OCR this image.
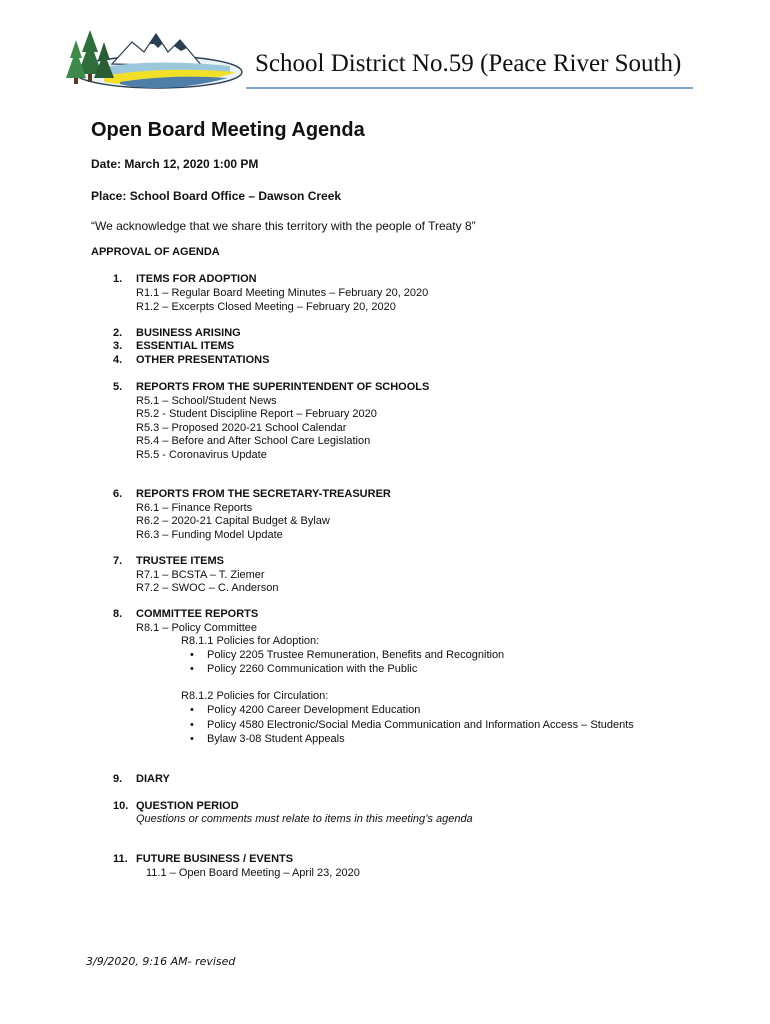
School District No.59 (Peace River South)
Open Board Meeting Agenda
Date: March 12, 2020 1:00 PM
Place: School Board Office – Dawson Creek
“We acknowledge that we share this territory with the people of Treaty 8”
APPROVAL OF AGENDA
1.	ITEMS FOR ADOPTION
R1.1 – Regular Board Meeting Minutes – February 20, 2020
R1.2 – Excerpts Closed Meeting – February 20, 2020
2.	BUSINESS ARISING
3.	ESSENTIAL ITEMS
4.	OTHER PRESENTATIONS
5.	REPORTS FROM THE SUPERINTENDENT OF SCHOOLS
R5.1 – School/Student News
R5.2 - Student Discipline Report – February 2020
R5.3 – Proposed 2020-21 School Calendar
R5.4 – Before and After School Care Legislation
R5.5 - Coronavirus Update
6.	REPORTS FROM THE SECRETARY-TREASURER
R6.1 – Finance Reports
R6.2 – 2020-21 Capital Budget & Bylaw
R6.3 – Funding Model Update
7.	TRUSTEE ITEMS
R7.1 – BCSTA – T. Ziemer
R7.2 – SWOC – C. Anderson
8.	COMMITTEE REPORTS
R8.1 – Policy Committee
R8.1.1 Policies for Adoption:
• Policy 2205 Trustee Remuneration, Benefits and Recognition
• Policy 2260 Communication with the Public
R8.1.2 Policies for Circulation:
• Policy 4200 Career Development Education
• Policy 4580 Electronic/Social Media Communication and Information Access – Students
• Bylaw 3-08 Student Appeals
9.	DIARY
10. QUESTION PERIOD
Questions or comments must relate to items in this meeting’s agenda
11. FUTURE BUSINESS / EVENTS
11.1 – Open Board Meeting – April 23, 2020
3/9/2020, 9:16 AM- revised
